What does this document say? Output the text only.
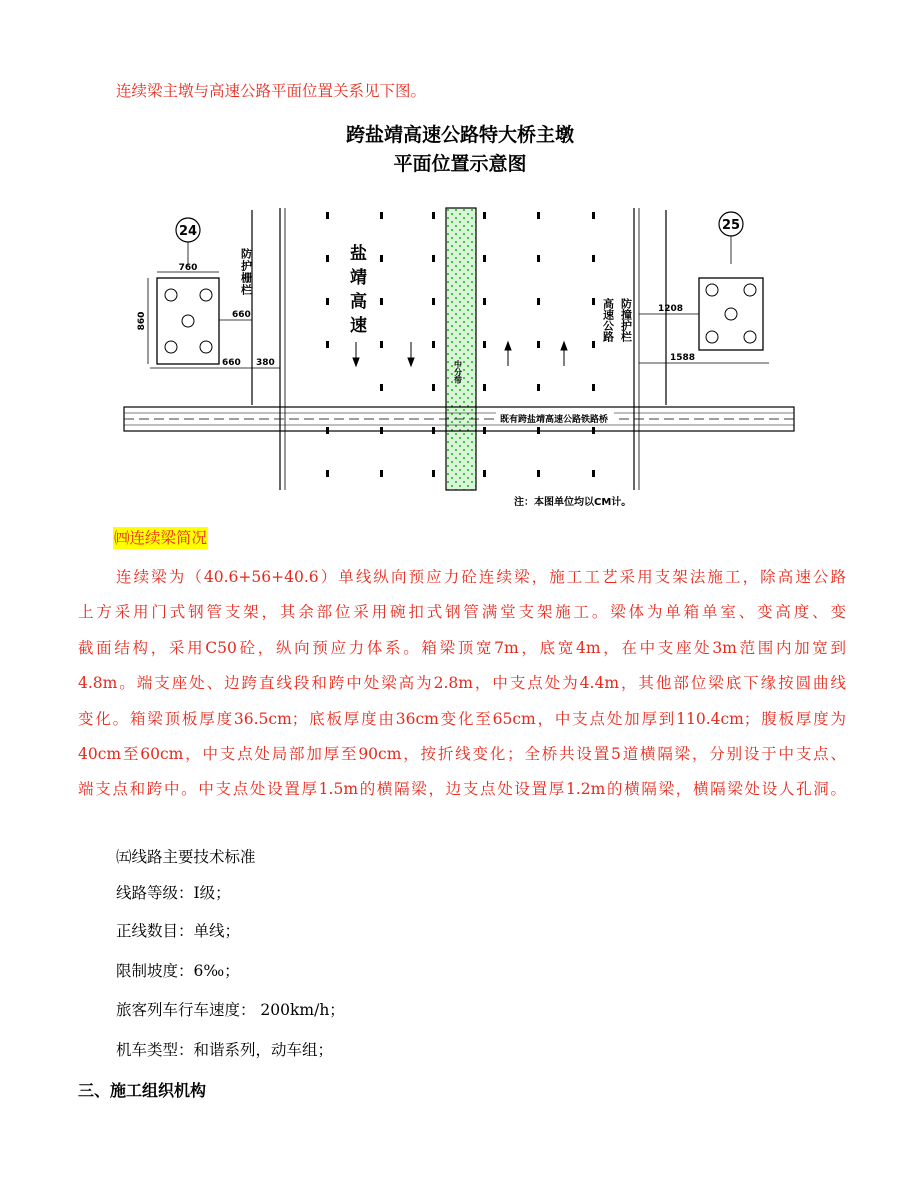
连续梁主墩与高速公路平面位置关系见下图。
跨盐靖高速公路特大桥主墩
平面位置示意图
24
760
860	660
660 380
防护栅栏	盐靖高速
中分带
高速公路 防撞护栏
25
1208
1588
既有跨盐靖高速公路铁路桥
注：本图单位均以CM计。
㈣连续梁简况
连续梁为（40.6+56+40.6）单线纵向预应力砼连续梁，施工工艺采用支架法施工，除高速公路
上方采用门式钢管支架，其余部位采用碗扣式钢管满堂支架施工。梁体为单箱单室、变高度、变
截面结构，采用C50砼，纵向预应力体系。箱梁顶宽7m，底宽4m，在中支座处3m范围内加宽到
4.8m。端支座处、边跨直线段和跨中处梁高为2.8m，中支点处为4.4m，其他部位梁底下缘按圆曲线
变化。箱梁顶板厚度36.5cm；底板厚度由36cm变化至65cm，中支点处加厚到110.4cm；腹板厚度为
40cm至60cm，中支点处局部加厚至90cm，按折线变化；全桥共设置5道横隔梁，分别设于中支点、
端支点和跨中。中支点处设置厚1.5m的横隔梁，边支点处设置厚1.2m的横隔梁，横隔梁处设人孔洞。
㈤线路主要技术标准
线路等级：I级；
正线数目：单线；
限制坡度：6‰；
旅客列车行车速度： 200km/h；
机车类型：和谐系列，动车组；
三、施工组织机构
